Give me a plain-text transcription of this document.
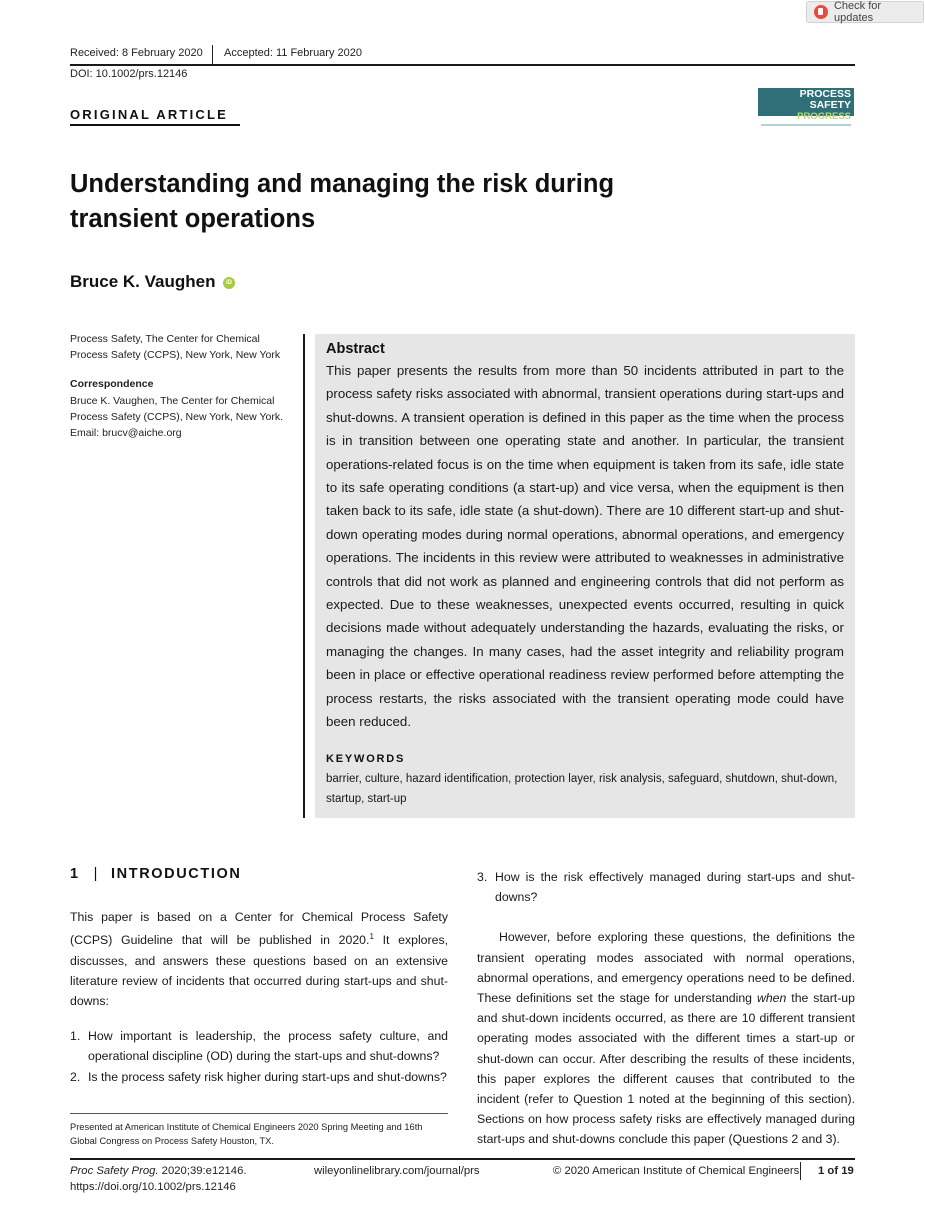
Check for updates
Received: 8 February 2020 Accepted: 11 February 2020
DOI: 10.1002/prs.12146
ORIGINAL ARTICLE
PROCESS SAFETY
PROGRESS
Understanding and managing the risk during transient operations
Bruce K. Vaughen	iD
Process Safety, The Center for Chemical Process Safety (CCPS), New York, New York
Correspondence
Bruce K. Vaughen, The Center for Chemical Process Safety (CCPS), New York, New York.
Email: brucv@aiche.org
Abstract

This paper presents the results from more than 50 incidents attributed in part to the process safety risks associated with abnormal, transient operations during start-ups and shut-downs. A transient operation is defined in this paper as the time when the process is in transition between one operating state and another. In particular, the transient operations-related focus is on the time when equipment is taken from its safe, idle state to its safe operating conditions (a start-up) and vice versa, when the equipment is then taken back to its safe, idle state (a shut-down). There are 10 different start-up and shut-down operating modes during normal operations, abnormal operations, and emergency operations. The incidents in this review were attributed to weaknesses in administrative controls that did not work as planned and engineering controls that did not perform as expected. Due to these weaknesses, unexpected events occurred, resulting in quick decisions made without adequately understanding the hazards, evaluating the risks, or managing the changes. In many cases, had the asset integrity and reliability program been in place or effective operational readiness review performed before attempting the process restarts, the risks associated with the transient operating mode could have been reduced.

KEYWORDS
barrier, culture, hazard identification, protection layer, risk analysis, safeguard, shutdown, shut-down, startup, start-up
1 | INTRODUCTION

This paper is based on a Center for Chemical Process Safety (CCPS) Guideline that will be published in 2020.$^1$ It explores, discusses, and answers these questions based on an extensive literature review of incidents that occurred during start-ups and shut-downs:

1. How important is leadership, the process safety culture, and operational discipline (OD) during the start-ups and shut-downs?
2. Is the process safety risk higher during start-ups and shut-downs?
3. How is the risk effectively managed during start-ups and shut-downs?

However, before exploring these questions, the definitions the transient operating modes associated with normal operations, abnormal operations, and emergency operations need to be defined. These definitions set the stage for understanding when the start-up and shut-down incidents occurred, as there are 10 different transient operating modes associated with the different times a start-up or shut-down can occur. After describing the results of these incidents, this paper explores the different causes that contributed to the incident (refer to Question 1 noted at the beginning of this section). Sections on how process safety risks are effectively managed during start-ups and shut-downs conclude this paper (Questions 2 and 3).

Presented at American Institute of Chemical Engineers 2020 Spring Meeting and 16th Global Congress on Process Safety Houston, TX.
Proc Safety Prog. 2020;39:e12146.
https://doi.org/10.1002/prs.12146
wileyonlinelibrary.com/journal/prs	© 2020 American Institute of Chemical Engineers 1 of 19
